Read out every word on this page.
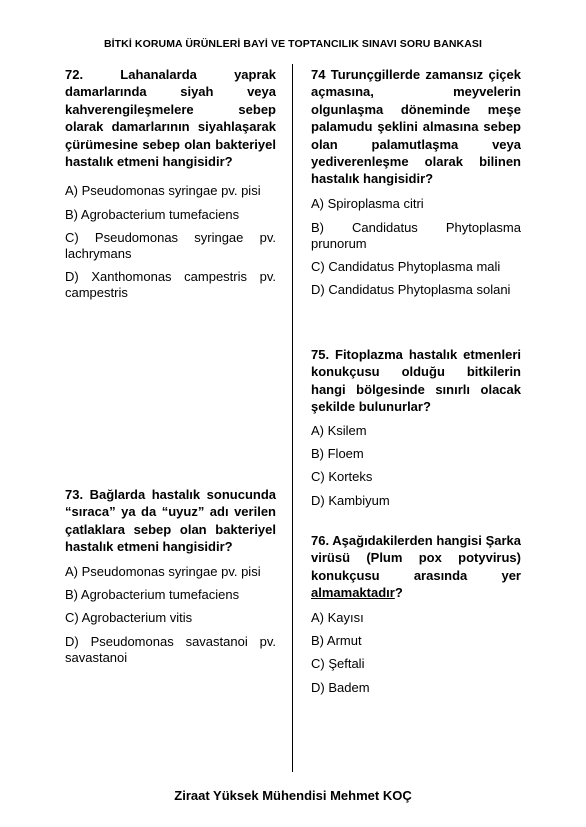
BİTKİ KORUMA ÜRÜNLERİ BAYİ VE TOPTANCILIK SINAVI SORU BANKASI

72. Lahanalarda yaprak damarlarında siyah veya kahverengileşmelere sebep olarak damarlarının siyahlaşarak çürümesine sebep olan bakteriyel hastalık etmeni hangisidir?

A) Pseudomonas syringae pv. pisi

B) Agrobacterium tumefaciens

C) Pseudomonas syringae pv. lachrymans

D) Xanthomonas campestris pv. campestris

73. Bağlarda hastalık sonucunda “sıraca” ya da “uyuz” adı verilen çatlaklara sebep olan bakteriyel hastalık etmeni hangisidir?

A) Pseudomonas syringae pv. pisi

B) Agrobacterium tumefaciens

C) Agrobacterium vitis

D) Pseudomonas savastanoi pv. savastanoi

74 Turunçgillerde zamansız çiçek açmasına, meyvelerin olgunlaşma döneminde meşe palamudu şeklini almasına sebep olan palamutlaşma veya yediverenleşme olarak bilinen hastalık hangisidir?

A) Spiroplasma citri

B) Candidatus Phytoplasma prunorum

C) Candidatus Phytoplasma mali

D) Candidatus Phytoplasma solani

75. Fitoplazma hastalık etmenleri konukçusu olduğu bitkilerin hangi bölgesinde sınırlı olacak şekilde bulunurlar?

A) Ksilem

B) Floem

C) Korteks

D) Kambiyum

76. Aşağıdakilerden hangisi Şarka virüsü (Plum pox potyvirus) konukçusu arasında yer almamaktadır?

A) Kayısı

B) Armut

C) Şeftali

D) Badem

Ziraat Yüksek Mühendisi Mehmet KOÇ
